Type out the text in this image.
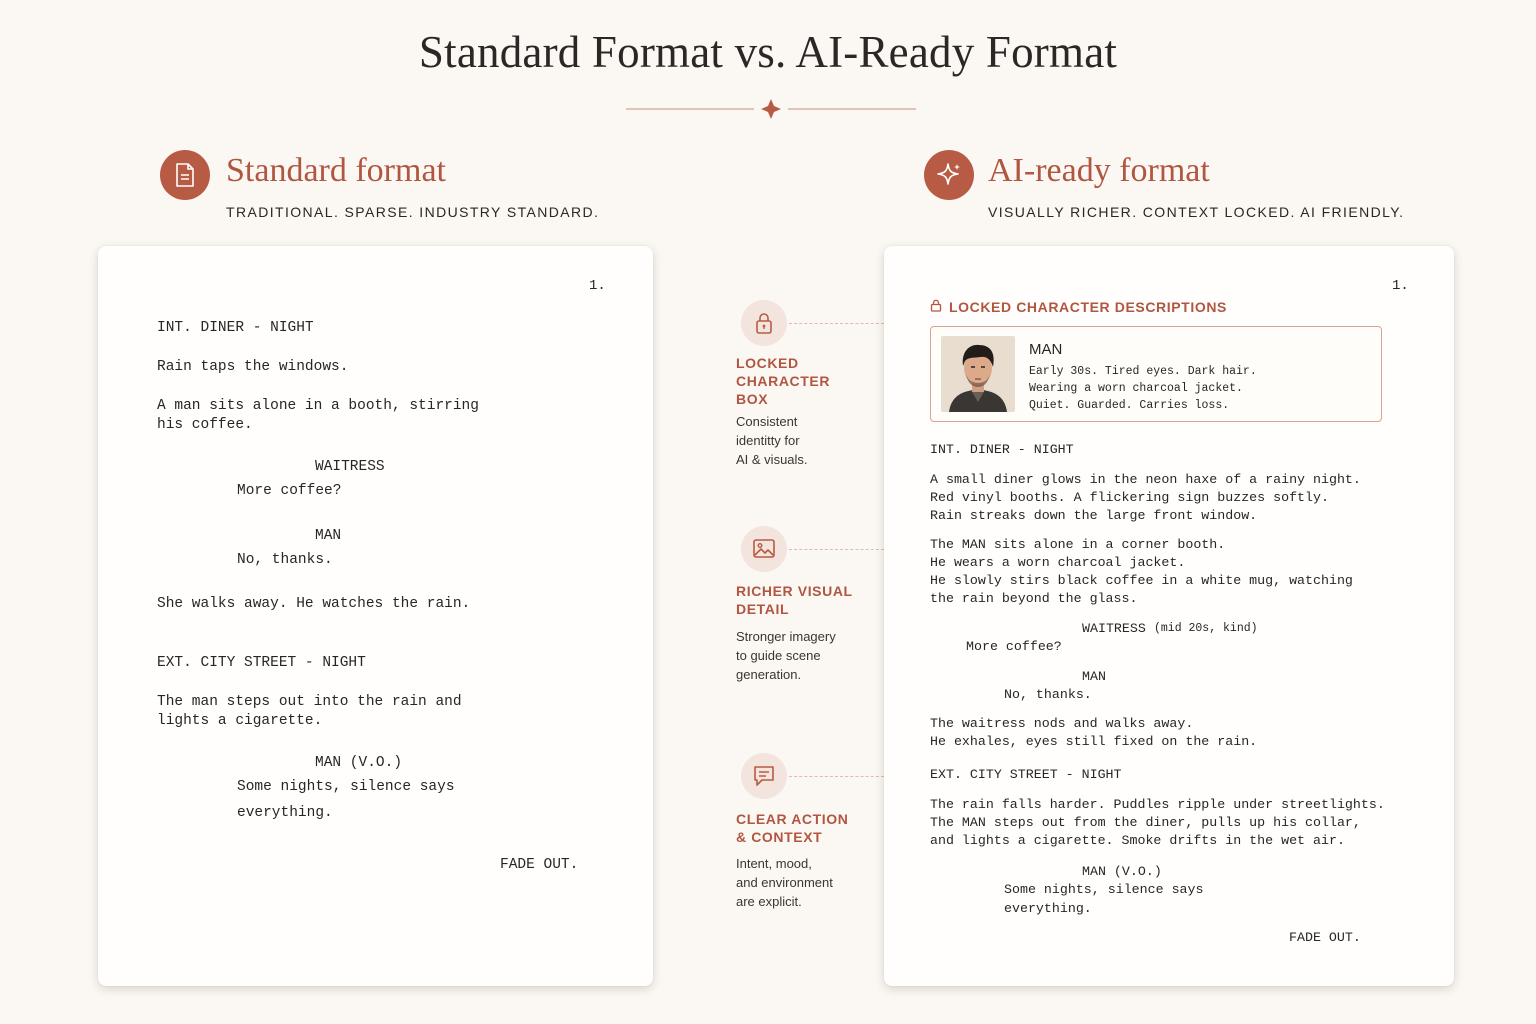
Standard Format vs. AI-Ready Format
Standard format
TRADITIONAL. SPARSE. INDUSTRY STANDARD.
AI-ready format
VISUALLY RICHER. CONTEXT LOCKED. AI FRIENDLY.
1.
INT. DINER - NIGHT
Rain taps the windows.
A man sits alone in a booth, stirring
his coffee.
WAITRESS
More coffee?
MAN
No, thanks.
She walks away. He watches the rain.
EXT. CITY STREET - NIGHT
The man steps out into the rain and
lights a cigarette.
MAN (V.O.)
Some nights, silence says
everything.
FADE OUT.
LOCKED
CHARACTER
BOX
Consistent
identitty for
AI & visuals.
RICHER VISUAL
DETAIL
Stronger imagery
to guide scene
generation.
CLEAR ACTION
& CONTEXT
Intent, mood,
and environment
are explicit.
1.
LOCKED CHARACTER DESCRIPTIONS
MAN
Early 30s. Tired eyes. Dark hair.
Wearing a worn charcoal jacket.
Quiet. Guarded. Carries loss.
INT. DINER - NIGHT
A small diner glows in the neon haxe of a rainy night.
Red vinyl booths. A flickering sign buzzes softly.
Rain streaks down the large front window.
The MAN sits alone in a corner booth.
He wears a worn charcoal jacket.
He slowly stirs black coffee in a white mug, watching
the rain beyond the glass.
WAITRESS (mid 20s, kind)
More coffee?
MAN
No, thanks.
The waitress nods and walks away.
He exhales, eyes still fixed on the rain.
EXT. CITY STREET - NIGHT
The rain falls harder. Puddles ripple under streetlights.
The MAN steps out from the diner, pulls up his collar,
and lights a cigarette. Smoke drifts in the wet air.
MAN (V.O.)
Some nights, silence says
everything.
FADE OUT.
